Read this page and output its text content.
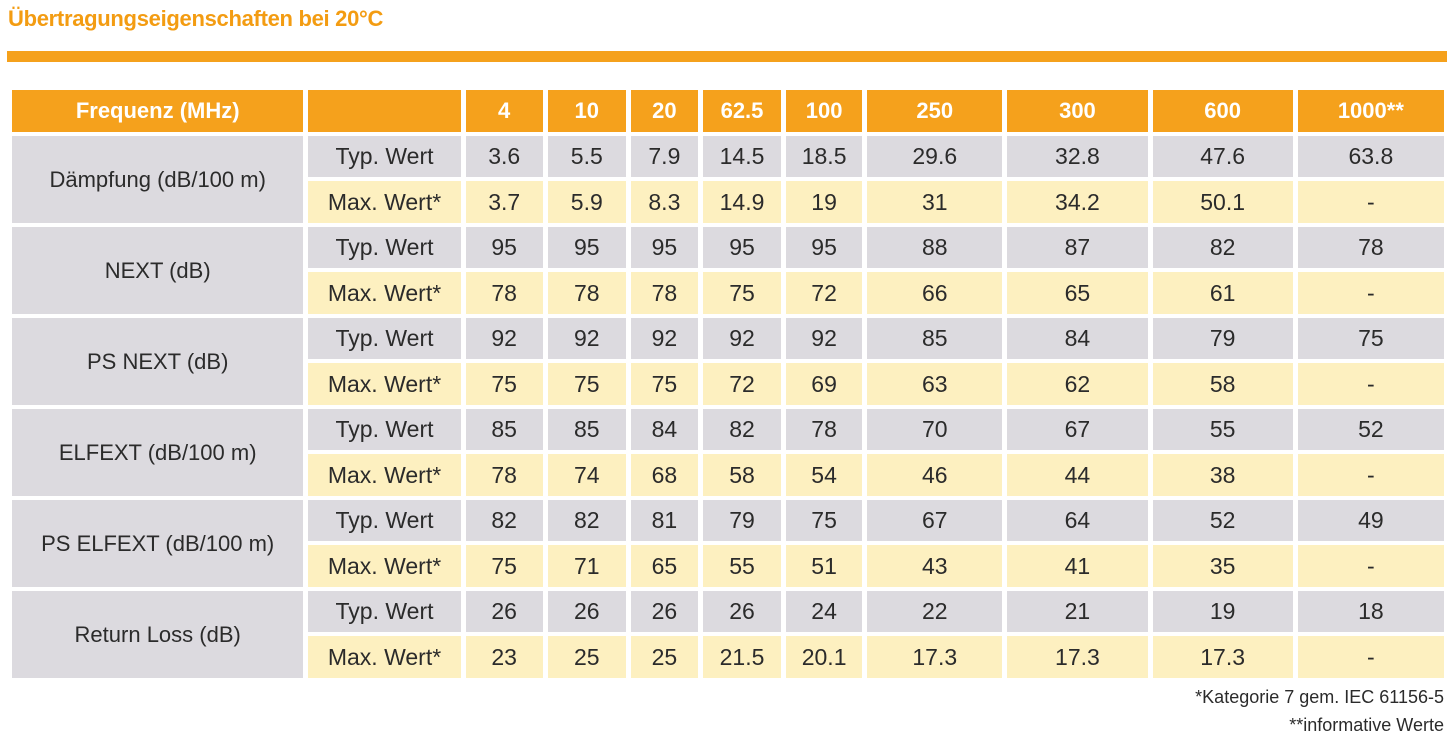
Übertragungseigenschaften bei 20°C
Frequenz (MHz)		4	10	20	62.5	100	250	300	600	1000**
Dämpfung (dB/100 m)	Typ. Wert	3.6	5.5	7.9	14.5	18.5	29.6	32.8	47.6	63.8
	Max. Wert*	3.7	5.9	8.3	14.9	19	31	34.2	50.1	-
NEXT (dB)	Typ. Wert	95	95	95	95	95	88	87	82	78
	Max. Wert*	78	78	78	75	72	66	65	61	-
PS NEXT (dB)	Typ. Wert	92	92	92	92	92	85	84	79	75
	Max. Wert*	75	75	75	72	69	63	62	58	-
ELFEXT (dB/100 m)	Typ. Wert	85	85	84	82	78	70	67	55	52
	Max. Wert*	78	74	68	58	54	46	44	38	-
PS ELFEXT (dB/100 m)	Typ. Wert	82	82	81	79	75	67	64	52	49
	Max. Wert*	75	71	65	55	51	43	41	35	-
Return Loss (dB)	Typ. Wert	26	26	26	26	24	22	21	19	18
	Max. Wert*	23	25	25	21.5	20.1	17.3	17.3	17.3	-
*Kategorie 7 gem. IEC 61156-5
**informative Werte
